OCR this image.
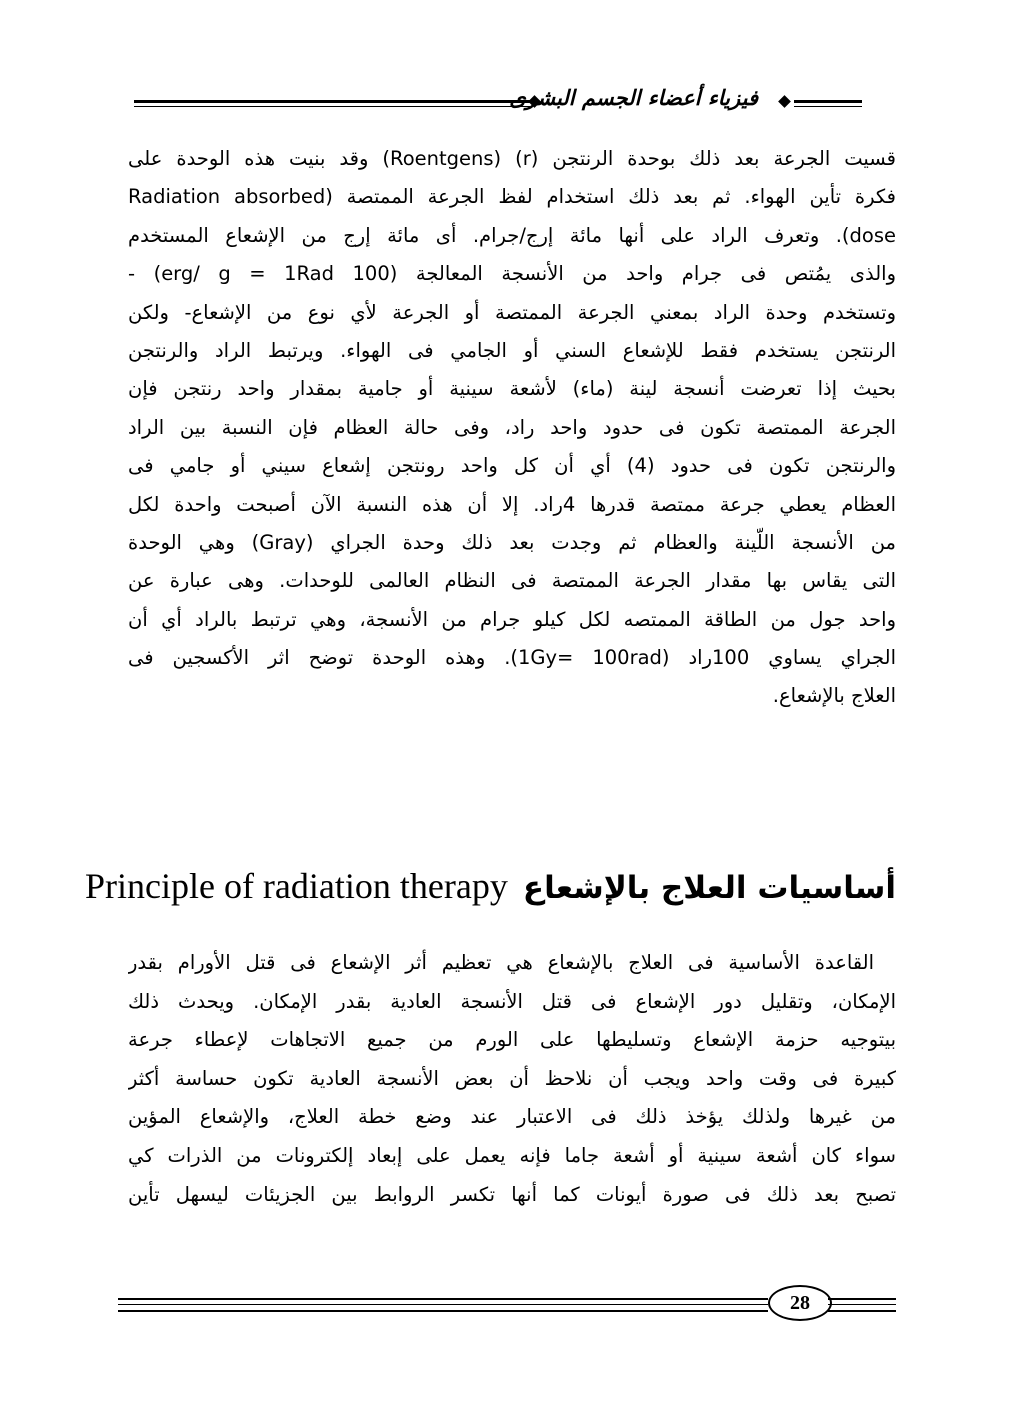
فيزياء أعضاء الجسم البشرى
قسيت الجرعة بعد ذلك بوحدة الرنتجن (r) (Roentgens) وقد بنيت هذه الوحدة على
فكرة تأين الهواء. ثم بعد ذلك استخدام لفظ الجرعة الممتصة (Radiation absorbed
dose). وتعرف الراد على أنها مائة إرج/جرام. أى مائة إرج من الإشعاع المستخدم
والذى يمُتص فى جرام واحد من الأنسجة المعالجة (100 erg/ g = 1Rad) -
وتستخدم وحدة الراد بمعني الجرعة الممتصة أو الجرعة لأي نوع من الإشعاع- ولكن
الرنتجن يستخدم فقط للإشعاع السني أو الجامي فى الهواء. ويرتبط الراد والرنتجن
بحيث إذا تعرضت أنسجة لينة (ماء) لأشعة سينية أو جامية بمقدار واحد رنتجن فإن
الجرعة الممتصة تكون فى حدود واحد راد، وفى حالة العظام فإن النسبة بين الراد
والرنتجن تكون فى حدود (4) أي أن كل واحد رونتجن إشعاع سيني أو جامي فى
العظام يعطي جرعة ممتصة قدرها 4راد. إلا أن هذه النسبة الآن أصبحت واحدة لكل
من الأنسجة اللّينة والعظام ثم وجدت بعد ذلك وحدة الجراي (Gray) وهي الوحدة
التى يقاس بها مقدار الجرعة الممتصة فى النظام العالمى للوحدات. وهى عبارة عن
واحد جول من الطاقة الممتصه لكل كيلو جرام من الأنسجة، وهي ترتبط بالراد أي أن
الجراي يساوي 100راد (1Gy= 100rad). وهذه الوحدة توضح اثر الأكسجين فى
العلاج بالإشعاع.
أساسيات العلاج بالإشعاع Principle of radiation therapy
القاعدة الأساسية فى العلاج بالإشعاع هي تعظيم أثر الإشعاع فى قتل الأورام بقدر
الإمكان، وتقليل دور الإشعاع فى قتل الأنسجة العادية بقدر الإمكان. ويحدث ذلك
بيتوجيه حزمة الإشعاع وتسليطها على الورم من جميع الاتجاهات لإعطاء جرعة
كبيرة فى وقت واحد ويجب أن نلاحظ أن بعض الأنسجة العادية تكون حساسة أكثر
من غيرها ولذلك يؤخذ ذلك فى الاعتبار عند وضع خطة العلاج، والإشعاع المؤين
سواء كان أشعة سينية أو أشعة جاما فإنه يعمل على إبعاد إلكترونات من الذرات كي
تصبح بعد ذلك فى صورة أيونات كما أنها تكسر الروابط بين الجزيئات ليسهل تأين
28
